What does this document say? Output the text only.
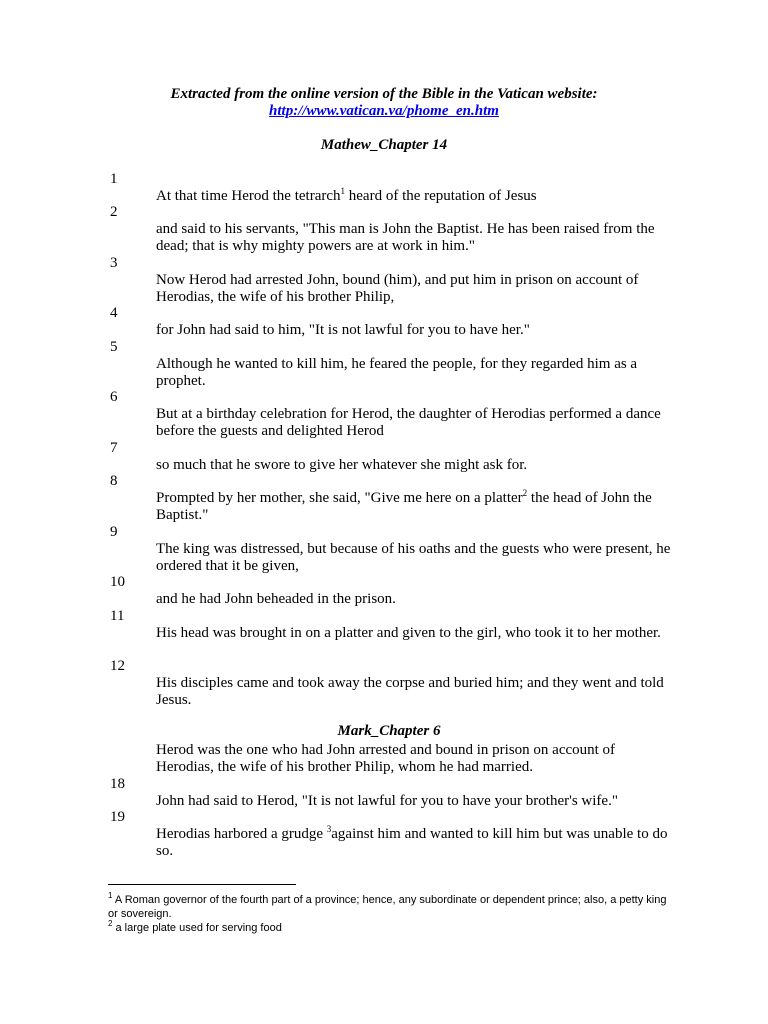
Extracted from the online version of the Bible in the Vatican website:
http://www.vatican.va/phome_en.htm
Mathew_Chapter 14
1
At that time Herod the tetrarch$^1$ heard of the reputation of Jesus
2
and said to his servants, "This man is John the Baptist. He has been raised from the dead; that is why mighty powers are at work in him."
3
Now Herod had arrested John, bound (him), and put him in prison on account of Herodias, the wife of his brother Philip,
4
for John had said to him, "It is not lawful for you to have her."
5
Although he wanted to kill him, he feared the people, for they regarded him as a prophet.
6
But at a birthday celebration for Herod, the daughter of Herodias performed a dance before the guests and delighted Herod
7
so much that he swore to give her whatever she might ask for.
8
Prompted by her mother, she said, "Give me here on a platter$^2$ the head of John the Baptist."
9
The king was distressed, but because of his oaths and the guests who were present, he ordered that it be given,
10
and he had John beheaded in the prison.
11
His head was brought in on a platter and given to the girl, who took it to her mother.
12
His disciples came and took away the corpse and buried him; and they went and told Jesus.
Mark_Chapter 6
Herod was the one who had John arrested and bound in prison on account of Herodias, the wife of his brother Philip, whom he had married.
18
John had said to Herod, "It is not lawful for you to have your brother's wife."
19
Herodias harbored a grudge $^3$against him and wanted to kill him but was unable to do so.
$^1$ A Roman governor of the fourth part of a province; hence, any subordinate or dependent prince; also, a petty king or sovereign.
$^2$ a large plate used for serving food
